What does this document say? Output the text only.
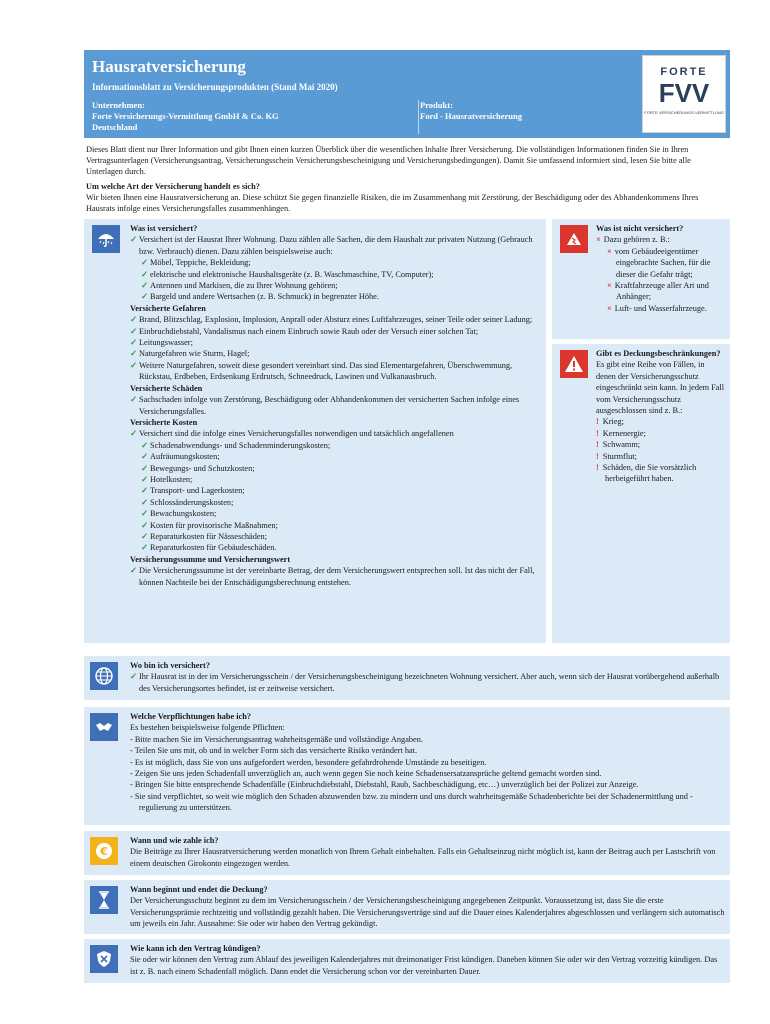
Hausratversicherung
Informationsblatt zu Versicherungsprodukten (Stand Mai 2020)
Unternehmen:
Forte Versicherungs-Vermittlung GmbH & Co. KG
Deutschland
Produkt:
Ford - Hausratversicherung
FORTE
FVV
FORTE VERSICHERUNGS-VERMITTLUNG
Dieses Blatt dient nur Ihrer Information und gibt Ihnen einen kurzen Überblick über die wesentlichen Inhalte Ihrer Versicherung. Die vollständigen Informationen finden Sie in Ihren Vertragsunterlagen (Versicherungsantrag, Versicherungsschein Versicherungsbescheinigung und Versicherungsbedingungen). Damit Sie umfassend informiert sind, lesen Sie bitte alle Unterlagen durch.
Um welche Art der Versicherung handelt es sich?
Wir bieten Ihnen eine Hausratversicherung an. Diese schützt Sie gegen finanzielle Risiken, die im Zusammenhang mit Zerstörung, der Beschädigung oder des Abhandenkommens Ihres Hausrats infolge eines Versicherungsfalles zusammenhängen.
Was ist versichert?
✓ Versichert ist der Hausrat Ihrer Wohnung. Dazu zählen alle Sachen, die dem Haushalt zur privaten Nutzung (Gebrauch bzw. Verbrauch) dienen. Dazu zählen beispielsweise auch:
✓ Möbel, Teppiche, Bekleidung;
✓ elektrische und elektronische Haushaltsgeräte (z. B. Waschmaschine, TV, Computer);
✓ Antennen und Markisen, die zu Ihrer Wohnung gehören;
✓ Bargeld und andere Wertsachen (z. B. Schmuck) in begrenzter Höhe.
Versicherte Gefahren
✓ Brand, Blitzschlag, Explosion, Implosion, Anprall oder Absturz eines Luftfahrzeuges, seiner Teile oder seiner Ladung;
✓ Einbruchdiebstahl, Vandalismus nach einem Einbruch sowie Raub oder der Versuch einer solchen Tat;
✓ Leitungswasser;
✓ Naturgefahren wie Sturm, Hagel;
✓ Weitere Naturgefahren, soweit diese gesondert vereinbart sind. Das sind Elementargefahren, Überschwemmung, Rückstau, Erdbeben, Erdsenkung Erdrutsch, Schneedruck, Lawinen und Vulkanausbruch.
Versicherte Schäden
✓ Sachschaden infolge von Zerstörung, Beschädigung oder Abhandenkommen der versicherten Sachen infolge eines Versicherungsfalles.
Versicherte Kosten
✓ Versichert sind die infolge eines Versicherungsfalles notwendigen und tatsächlich angefallenen
✓ Schadenabwendungs- und Schadenminderungskosten;
✓ Aufräumungskosten;
✓ Bewegungs- und Schutzkosten;
✓ Hotelkosten;
✓ Transport- und Lagerkosten;
✓ Schlossänderungskosten;
✓ Bewachungskosten;
✓ Kosten für provisorische Maßnahmen;
✓ Reparaturkosten für Nässeschäden;
✓ Reparaturkosten für Gebäudeschäden.
Versicherungssumme und Versicherungswert
✓ Die Versicherungssumme ist der vereinbarte Betrag, der dem Versicherungswert entsprechen soll. Ist das nicht der Fall, können Nachteile bei der Entschädigungsberechnung entstehen.
Was ist nicht versichert?
× Dazu gehören z. B.:
× vom Gebäudeeigentümer eingebrachte Sachen, für die dieser die Gefahr trägt;
× Kraftfahrzeuge aller Art und Anhänger;
× Luft- und Wasserfahrzeuge.
Gibt es Deckungsbeschränkungen?
Es gibt eine Reihe von Fällen, in denen der Versicherungsschutz eingeschränkt sein kann. In jedem Fall vom Versicherungsschutz ausgeschlossen sind z. B.:
! Krieg;
! Kernenergie;
! Schwamm;
! Sturmflut;
! Schäden, die Sie vorsätzlich herbeigeführt haben.
Wo bin ich versichert?
✓ Ihr Hausrat ist in der im Versicherungsschein / der Versicherungsbescheinigung bezeichneten Wohnung versichert. Aber auch, wenn sich der Hausrat vorübergehend außerhalb des Versicherungsortes befindet, ist er zeitweise versichert.
Welche Verpflichtungen habe ich?
Es bestehen beispielsweise folgende Pflichten:
- Bitte machen Sie im Versicherungsantrag wahrheitsgemäße und vollständige Angaben.
- Teilen Sie uns mit, ob und in welcher Form sich das versicherte Risiko verändert hat.
- Es ist möglich, dass Sie von uns aufgefordert werden, besondere gefahrdrohende Umstände zu beseitigen.
- Zeigen Sie uns jeden Schadenfall unverzüglich an, auch wenn gegen Sie noch keine Schadensersatzansprüche geltend gemacht worden sind.
- Bringen Sie bitte entsprechende Schadenfälle (Einbruchdiebstahl, Diebstahl, Raub, Sachbeschädigung, etc…) unverzüglich bei der Polizei zur Anzeige.
- Sie sind verpflichtet, so weit wie möglich den Schaden abzuwenden bzw. zu mindern und uns durch wahrheitsgemäße Schadenberichte bei der Schadenermittlung und -regulierung zu unterstützen.
€
Wann und wie zahle ich?
Die Beiträge zu Ihrer Hausratversicherung werden monatlich von Ihrem Gehalt einbehalten. Falls ein Gehaltseinzug nicht möglich ist, kann der Beitrag auch per Lastschrift von einem deutschen Girokonto eingezogen werden.
Wann beginnt und endet die Deckung?
Der Versicherungsschutz beginnt zu dem im Versicherungsschein / der Versicherungsbescheinigung angegebenen Zeitpunkt. Voraussetzung ist, dass Sie die erste Versicherungsprämie rechtzeitig und vollständig gezahlt haben. Die Versicherungsverträge sind auf die Dauer eines Kalenderjahres abgeschlossen und verlängern sich automatisch um jeweils ein Jahr. Ausnahme: Sie oder wir haben den Vertrag gekündigt.
Wie kann ich den Vertrag kündigen?
Sie oder wir können den Vertrag zum Ablauf des jeweiligen Kalenderjahres mit dreimonatiger Frist kündigen. Daneben können Sie oder wir den Vertrag vorzeitig kündigen. Das ist z. B. nach einem Schadenfall möglich. Dann endet die Versicherung schon vor der vereinbarten Dauer.
